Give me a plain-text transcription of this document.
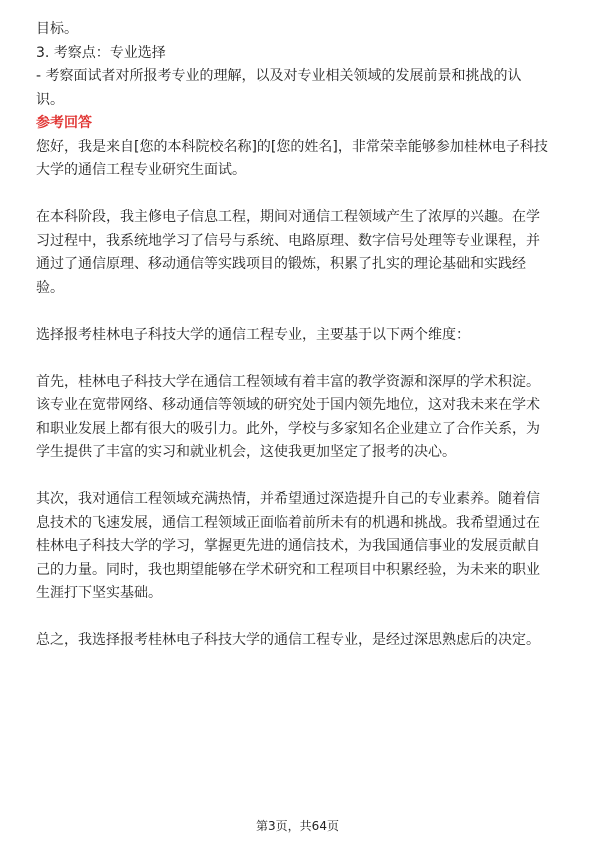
目标。

3. 考察点：专业选择

- 考察面试者对所报考专业的理解，以及对专业相关领域的发展前景和挑战的认

识。

参考回答

您好，我是来自[您的本科院校名称]的[您的姓名]，非常荣幸能够参加桂林电子科技

大学的通信工程专业研究生面试。

在本科阶段，我主修电子信息工程，期间对通信工程领域产生了浓厚的兴趣。在学

习过程中，我系统地学习了信号与系统、电路原理、数字信号处理等专业课程，并

通过了通信原理、移动通信等实践项目的锻炼，积累了扎实的理论基础和实践经

验。

选择报考桂林电子科技大学的通信工程专业，主要基于以下两个维度：

首先，桂林电子科技大学在通信工程领域有着丰富的教学资源和深厚的学术积淀。

该专业在宽带网络、移动通信等领域的研究处于国内领先地位，这对我未来在学术

和职业发展上都有很大的吸引力。此外，学校与多家知名企业建立了合作关系，为

学生提供了丰富的实习和就业机会，这使我更加坚定了报考的决心。

其次，我对通信工程领域充满热情，并希望通过深造提升自己的专业素养。随着信

息技术的飞速发展，通信工程领域正面临着前所未有的机遇和挑战。我希望通过在

桂林电子科技大学的学习，掌握更先进的通信技术，为我国通信事业的发展贡献自

己的力量。同时，我也期望能够在学术研究和工程项目中积累经验，为未来的职业

生涯打下坚实基础。

总之，我选择报考桂林电子科技大学的通信工程专业，是经过深思熟虑后的决定。

第3页，共64页
